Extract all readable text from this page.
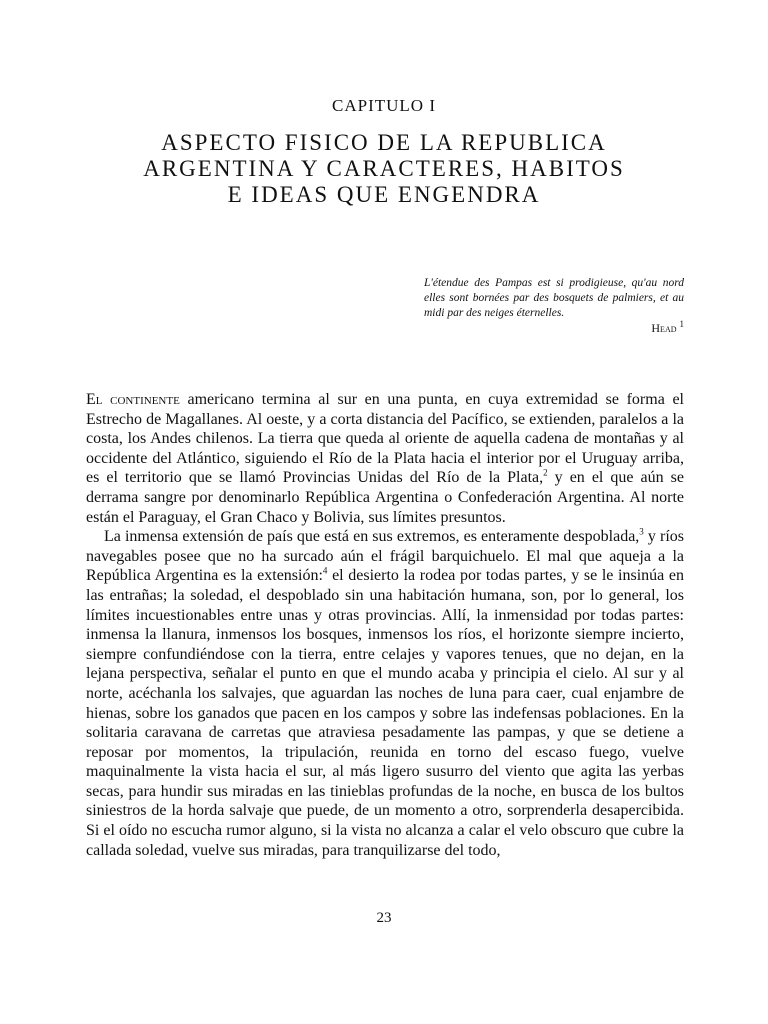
CAPITULO I
ASPECTO FISICO DE LA REPUBLICA
ARGENTINA Y CARACTERES, HABITOS
E IDEAS QUE ENGENDRA
L'étendue des Pampas est si prodigieuse, qu'au nord elles sont bornées par des bosquets de palmiers, et au midi par des neiges éternelles.
Head $^1$

El continente americano termina al sur en una punta, en cuya extremidad se forma el Estrecho de Magallanes. Al oeste, y a corta distancia del Pacífico, se extienden, paralelos a la costa, los Andes chilenos. La tierra que queda al oriente de aquella cadena de montañas y al occidente del Atlántico, siguiendo el Río de la Plata hacia el interior por el Uruguay arriba, es el territorio que se llamó Provincias Unidas del Río de la Plata,$^2$ y en el que aún se derrama sangre por denominarlo República Argentina o Confederación Argentina. Al norte están el Paraguay, el Gran Chaco y Bolivia, sus límites presuntos.

La inmensa extensión de país que está en sus extremos, es enteramente despoblada,$^3$ y ríos navegables posee que no ha surcado aún el frágil barquichuelo. El mal que aqueja a la República Argentina es la extensión:$^4$ el desierto la rodea por todas partes, y se le insinúa en las entrañas; la soledad, el despoblado sin una habitación humana, son, por lo general, los límites incuestionables entre unas y otras provincias. Allí, la inmensidad por todas partes: inmensa la llanura, inmensos los bosques, inmensos los ríos, el horizonte siempre incierto, siempre confundiéndose con la tierra, entre celajes y vapores tenues, que no dejan, en la lejana perspectiva, señalar el punto en que el mundo acaba y principia el cielo. Al sur y al norte, acéchanla los salvajes, que aguardan las noches de luna para caer, cual enjambre de hienas, sobre los ganados que pacen en los campos y sobre las indefensas poblaciones. En la solitaria caravana de carretas que atraviesa pesadamente las pampas, y que se detiene a reposar por momentos, la tripulación, reunida en torno del escaso fuego, vuelve maquinalmente la vista hacia el sur, al más ligero susurro del viento que agita las yerbas secas, para hundir sus miradas en las tinieblas profundas de la noche, en busca de los bultos siniestros de la horda salvaje que puede, de un momento a otro, sorprenderla desapercibida. Si el oído no escucha rumor alguno, si la vista no alcanza a calar el velo obscuro que cubre la callada soledad, vuelve sus miradas, para tranquilizarse del todo,

23
